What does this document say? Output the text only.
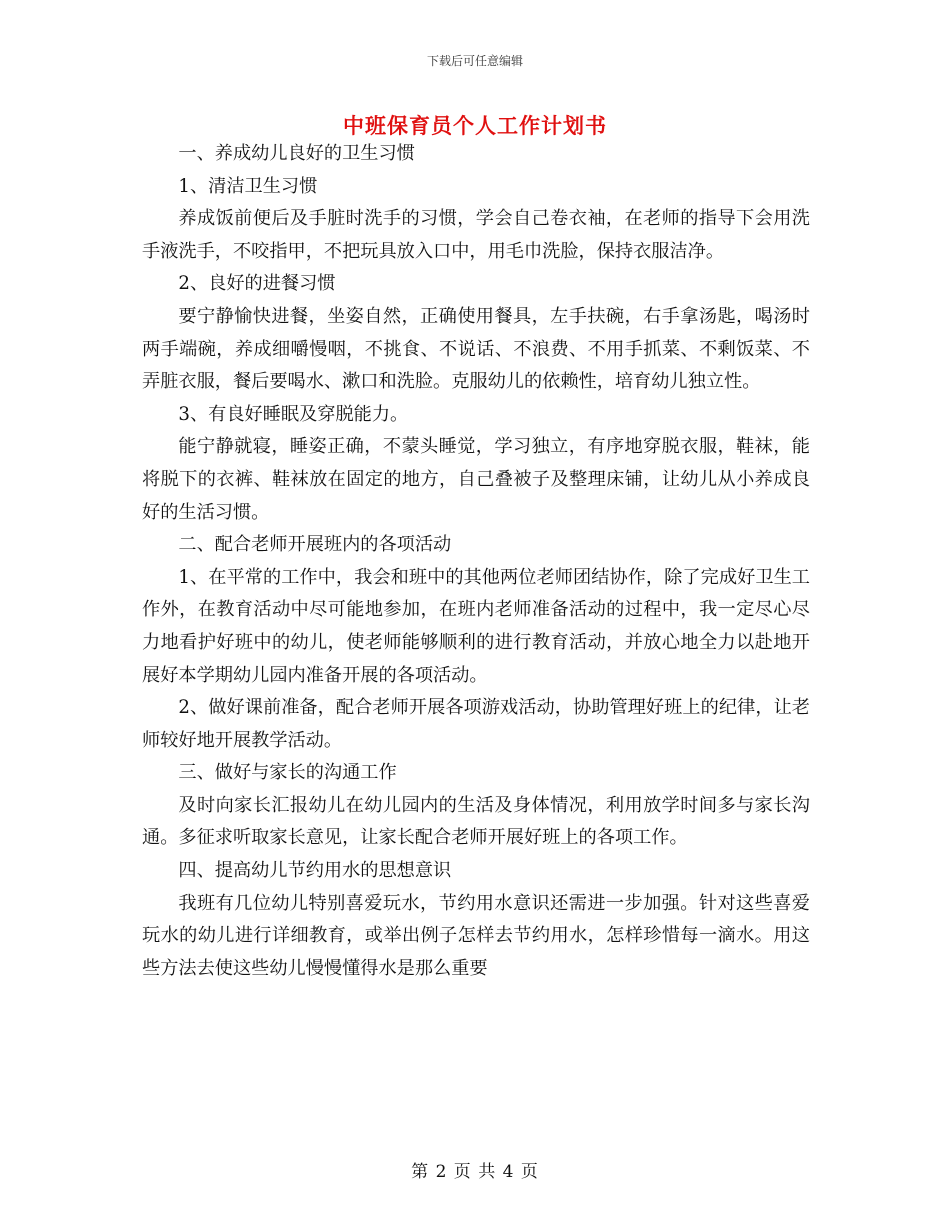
下载后可任意编辑
中班保育员个人工作计划书

一、养成幼儿良好的卫生习惯

1、清洁卫生习惯

养成饭前便后及手脏时洗手的习惯，学会自己卷衣袖，在老师的指导下会用洗手液洗手，不咬指甲，不把玩具放入口中，用毛巾洗脸，保持衣服洁净。

2、良好的进餐习惯

要宁静愉快进餐，坐姿自然，正确使用餐具，左手扶碗，右手拿汤匙，喝汤时两手端碗，养成细嚼慢咽，不挑食、不说话、不浪费、不用手抓菜、不剩饭菜、不弄脏衣服，餐后要喝水、漱口和洗脸。克服幼儿的依赖性，培育幼儿独立性。

3、有良好睡眠及穿脱能力。

能宁静就寝，睡姿正确，不蒙头睡觉，学习独立，有序地穿脱衣服，鞋袜，能将脱下的衣裤、鞋袜放在固定的地方，自己叠被子及整理床铺，让幼儿从小养成良好的生活习惯。

二、配合老师开展班内的各项活动

1、在平常的工作中，我会和班中的其他两位老师团结协作，除了完成好卫生工作外，在教育活动中尽可能地参加，在班内老师准备活动的过程中，我一定尽心尽力地看护好班中的幼儿，使老师能够顺利的进行教育活动，并放心地全力以赴地开展好本学期幼儿园内准备开展的各项活动。

2、做好课前准备，配合老师开展各项游戏活动，协助管理好班上的纪律，让老师较好地开展教学活动。

三、做好与家长的沟通工作

及时向家长汇报幼儿在幼儿园内的生活及身体情况，利用放学时间多与家长沟通。多征求听取家长意见，让家长配合老师开展好班上的各项工作。

四、提高幼儿节约用水的思想意识

我班有几位幼儿特别喜爱玩水，节约用水意识还需进一步加强。针对这些喜爱玩水的幼儿进行详细教育，或举出例子怎样去节约用水，怎样珍惜每一滴水。用这些方法去使这些幼儿慢慢懂得水是那么重要

第 2 页 共 4 页
